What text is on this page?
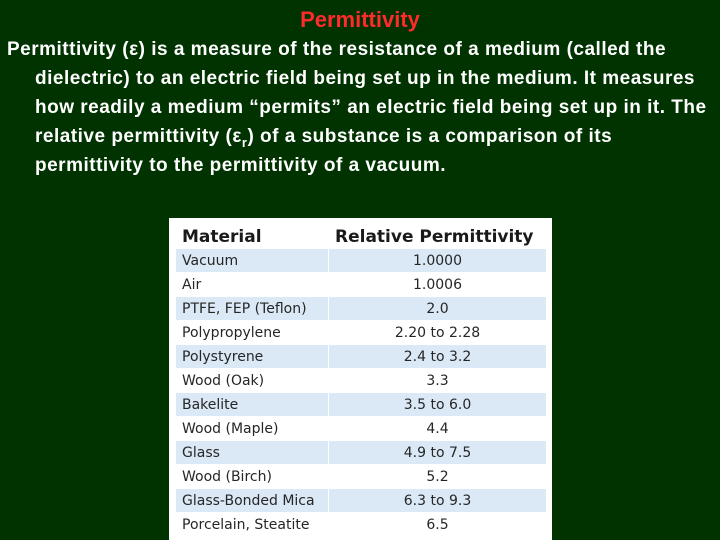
Permittivity
Permittivity (ε) is a measure of the resistance of a medium (called the dielectric) to an electric field being set up in the medium. It measures how readily a medium “permits” an electric field being set up in it. The relative permittivity $(\varepsilon_r)$ of a substance is a comparison of its permittivity to the permittivity of a vacuum.
Material	Relative Permittivity
Vacuum	1.0000
Air	1.0006
PTFE, FEP (Teflon)	2.0
Polypropylene	2.20 to 2.28
Polystyrene	2.4 to 3.2
Wood (Oak)	3.3
Bakelite	3.5 to 6.0
Wood (Maple)	4.4
Glass	4.9 to 7.5
Wood (Birch)	5.2
Glass-Bonded Mica	6.3 to 9.3
Porcelain, Steatite	6.5
